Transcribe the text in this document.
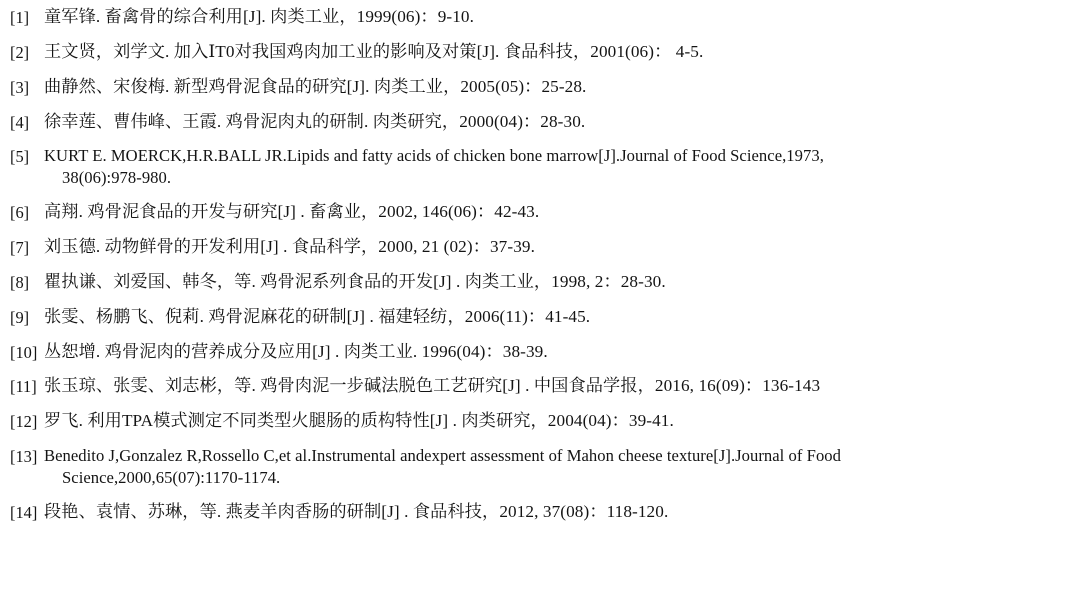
[1] 童军锋. 畜禽骨的综合利用[J]. 肉类工业，1999(06)：9-10.
[2] 王文贤，刘学文. 加入ⅠT0对我国鸡肉加工业的影响及对策[J]. 食品科技，2001(06)： 4-5.
[3] 曲静然、宋俊梅. 新型鸡骨泥食品的研究[J]. 肉类工业，2005(05)：25-28.
[4] 徐幸莲、曹伟峰、王霞. 鸡骨泥肉丸的研制. 肉类研究，2000(04)：28-30.
[5] KURT E. MOERCK,H.R.BALL JR.Lipids and fatty acids of chicken bone marrow[J].Journal of Food Science,1973,
38(06):978-980.
[6] 高翔. 鸡骨泥食品的开发与研究[J] . 畜禽业，2002, 146(06)：42-43.
[7] 刘玉德. 动物鲜骨的开发利用[J] . 食品科学，2000, 21 (02)：37-39.
[8] 瞿执谦、刘爱国、韩冬，等. 鸡骨泥系列食品的开发[J] . 肉类工业，1998, 2：28-30.
[9] 张雯、杨鹏飞、倪莉. 鸡骨泥麻花的研制[J] . 福建轻纺，2006(11)：41-45.
[10] 丛恕增. 鸡骨泥肉的营养成分及应用[J] . 肉类工业. 1996(04)：38-39.
[11] 张玉琼、张雯、刘志彬，等. 鸡骨肉泥一步碱法脱色工艺研究[J] . 中国食品学报，2016, 16(09)：136-143
[12] 罗飞. 利用TPA模式测定不同类型火腿肠的质构特性[J] . 肉类研究，2004(04)：39-41.
[13] Benedito J,Gonzalez R,Rossello C,et al.Instrumental andexpert assessment of Mahon cheese texture[J].Journal of Food
Science,2000,65(07):1170-1174.
[14] 段艳、袁情、苏琳，等. 燕麦羊肉香肠的研制[J] . 食品科技，2012, 37(08)：118-120.
